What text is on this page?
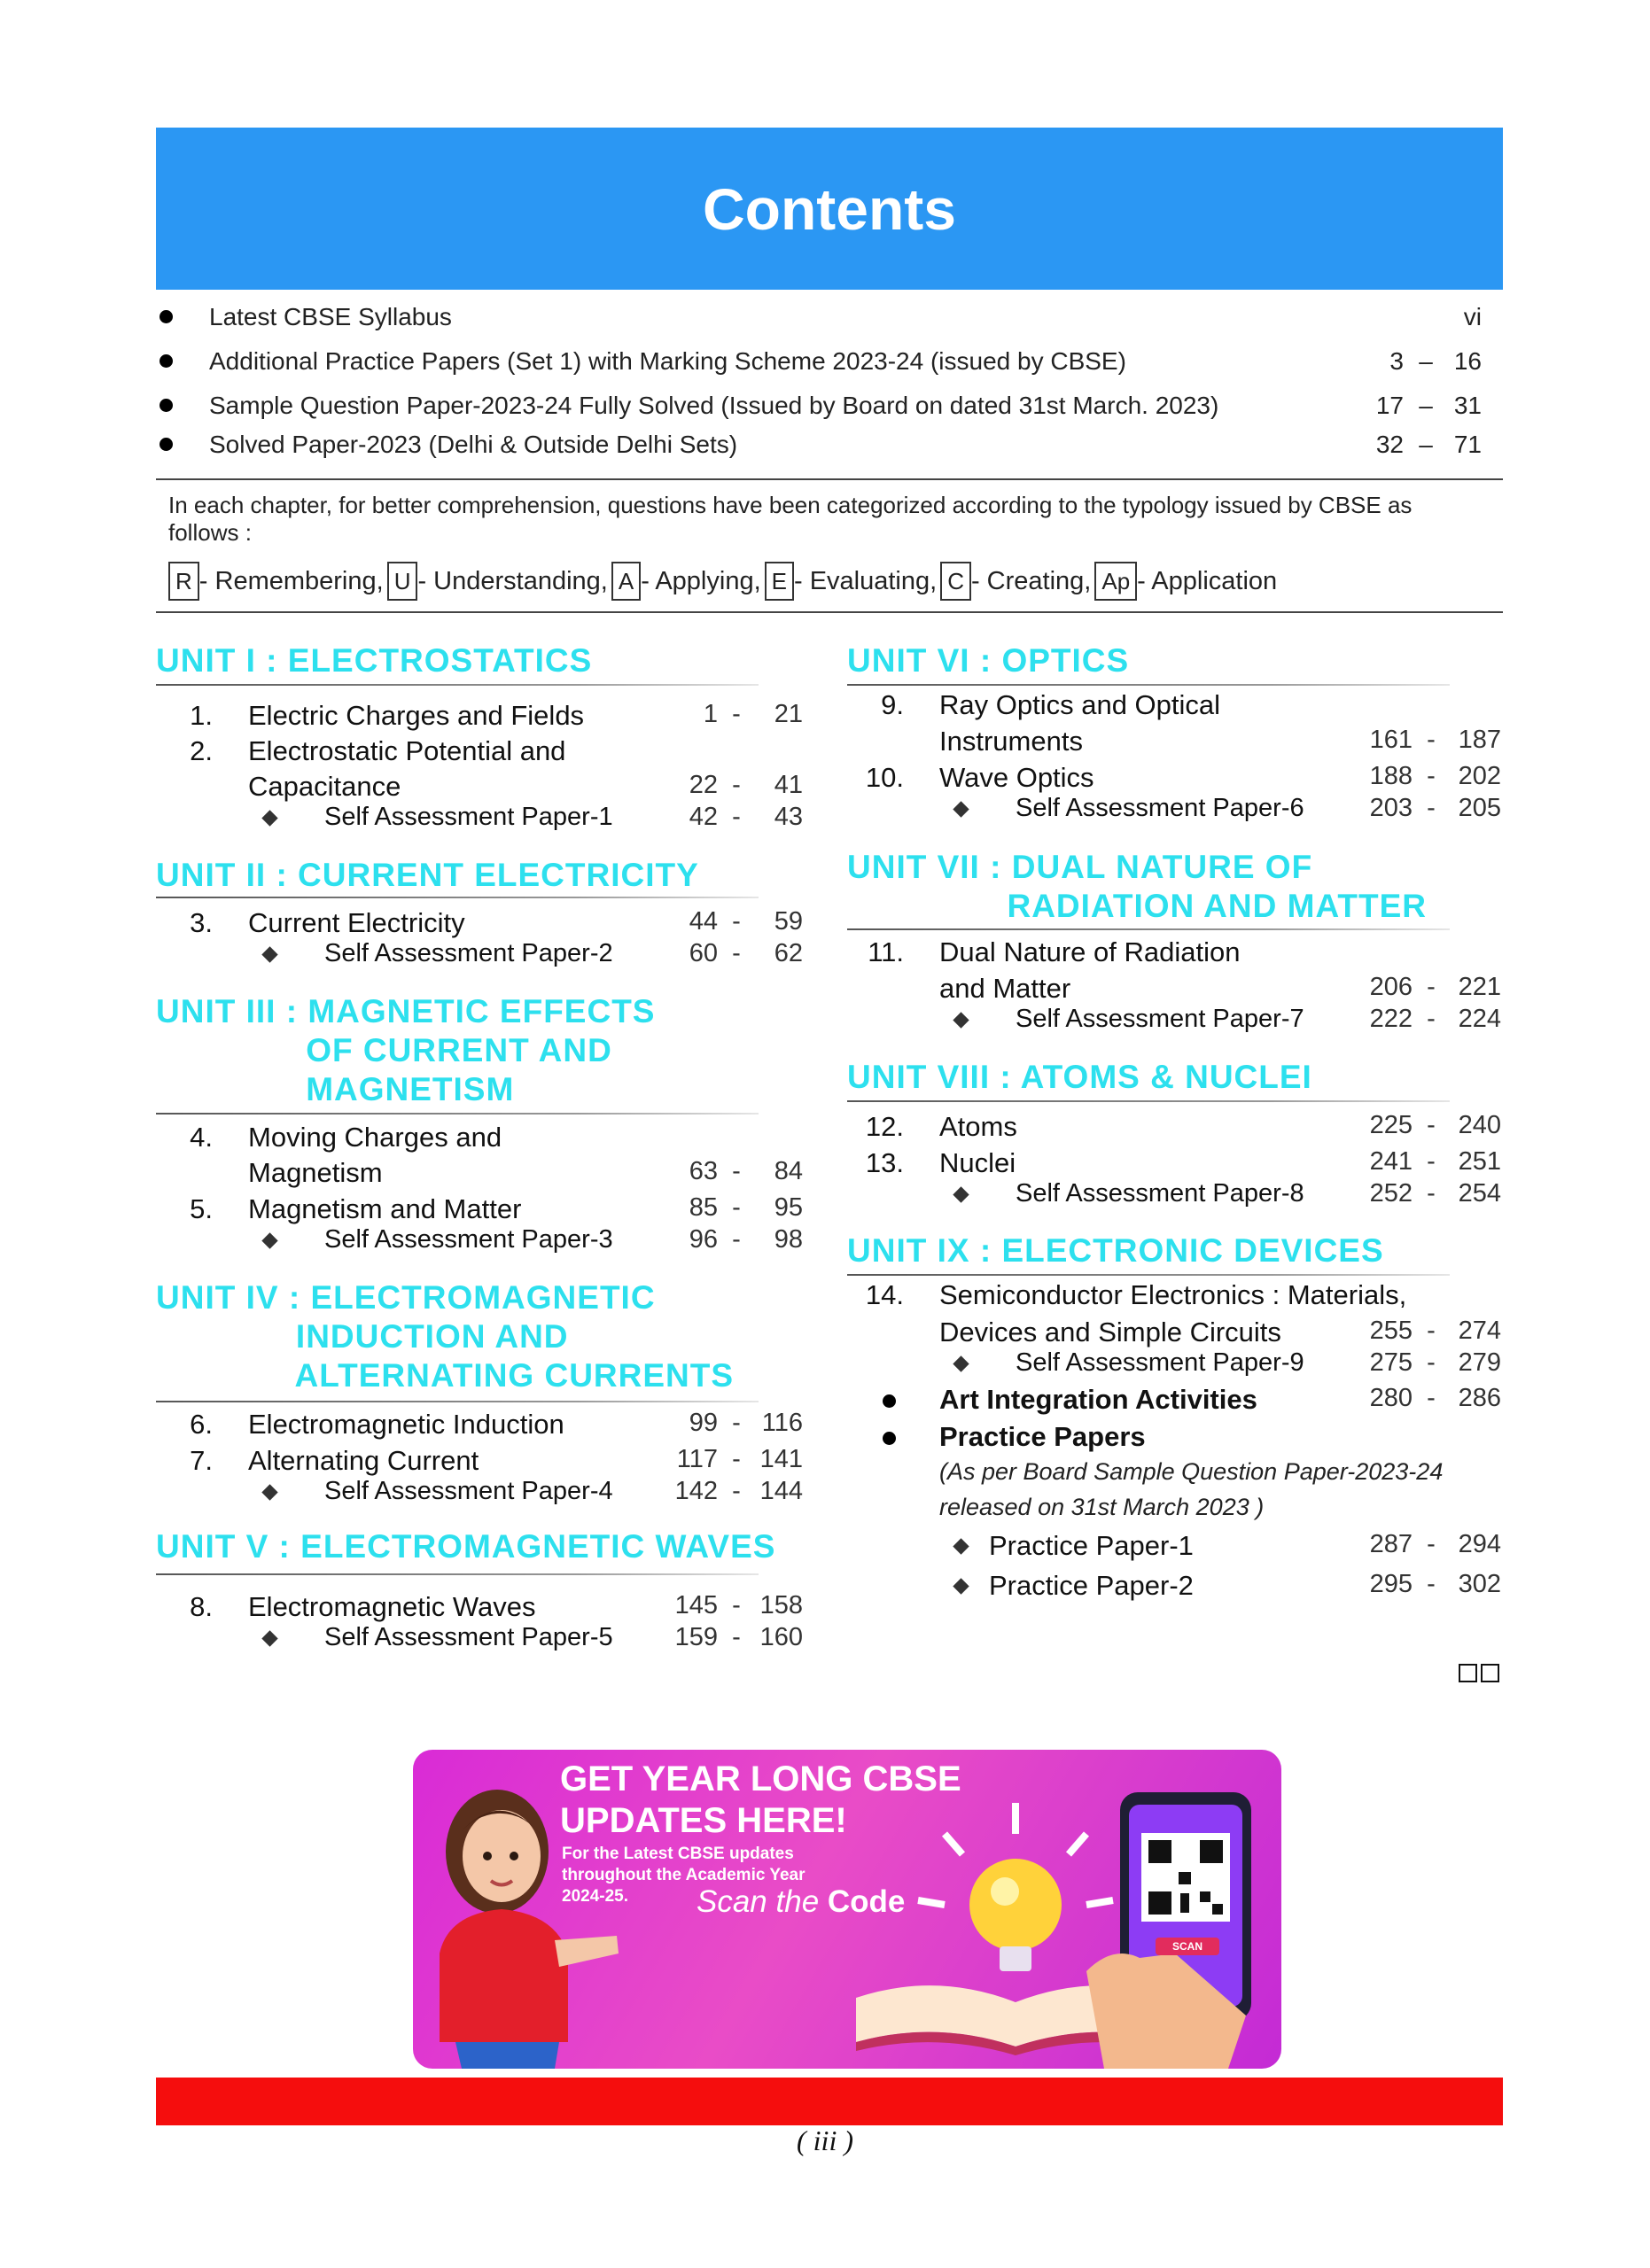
Contents
Latest CBSE Syllabus	vi
Additional Practice Papers (Set 1) with Marking Scheme 2023-24 (issued by CBSE)	3 – 16
Sample Question Paper-2023-24 Fully Solved (Issued by Board on dated 31st March. 2023)	17 – 31
Solved Paper-2023 (Delhi & Outside Delhi Sets)	32 – 71
In each chapter, for better comprehension, questions have been categorized according to the typology issued by CBSE as follows :
R - Remembering, U - Understanding, A - Applying, E - Evaluating, C - Creating, Ap - Application
UNIT I : ELECTROSTATICS
1. Electric Charges and Fields	1 -	21
2. Electrostatic Potential and
Capacitance	22 -	41
Self Assessment Paper-1	42 -	43
UNIT II : CURRENT ELECTRICITY
3. Current Electricity	44 -	59
Self Assessment Paper-2	60 -	62
UNIT III : MAGNETIC EFFECTS
OF CURRENT AND
MAGNETISM
4. Moving Charges and
Magnetism	63 -	84
5. Magnetism and Matter	85 -	95
Self Assessment Paper-3	96 -	98
UNIT IV : ELECTROMAGNETIC
INDUCTION AND
ALTERNATING CURRENTS
6. Electromagnetic Induction	99 - 116
7. Alternating Current	117 - 141
Self Assessment Paper-4	142 - 144
UNIT V : ELECTROMAGNETIC WAVES
8. Electromagnetic Waves	145 - 158
Self Assessment Paper-5	159 - 160
UNIT VI : OPTICS
9. Ray Optics and Optical
Instruments	161 - 187
10. Wave Optics	188 - 202
Self Assessment Paper-6	203 - 205
UNIT VII : DUAL NATURE OF
RADIATION AND MATTER
11. Dual Nature of Radiation
and Matter	206 - 221
Self Assessment Paper-7	222 - 224
UNIT VIII : ATOMS & NUCLEI
12. Atoms	225 - 240
13. Nuclei	241 - 251
Self Assessment Paper-8	252 - 254
UNIT IX : ELECTRONIC DEVICES
14. Semiconductor Electronics : Materials,
Devices and Simple Circuits	255 - 274
Self Assessment Paper-9	275 - 279
Art Integration Activities	280 - 286
Practice Papers
(As per Board Sample Question Paper-2023-24
released on 31st March 2023 )
Practice Paper-1	287 - 294
Practice Paper-2	295 - 302
GET YEAR LONG CBSE
UPDATES HERE!
For the Latest CBSE updates
throughout the Academic Year
2024-25.	Scan the Code
SCAN
( iii )
